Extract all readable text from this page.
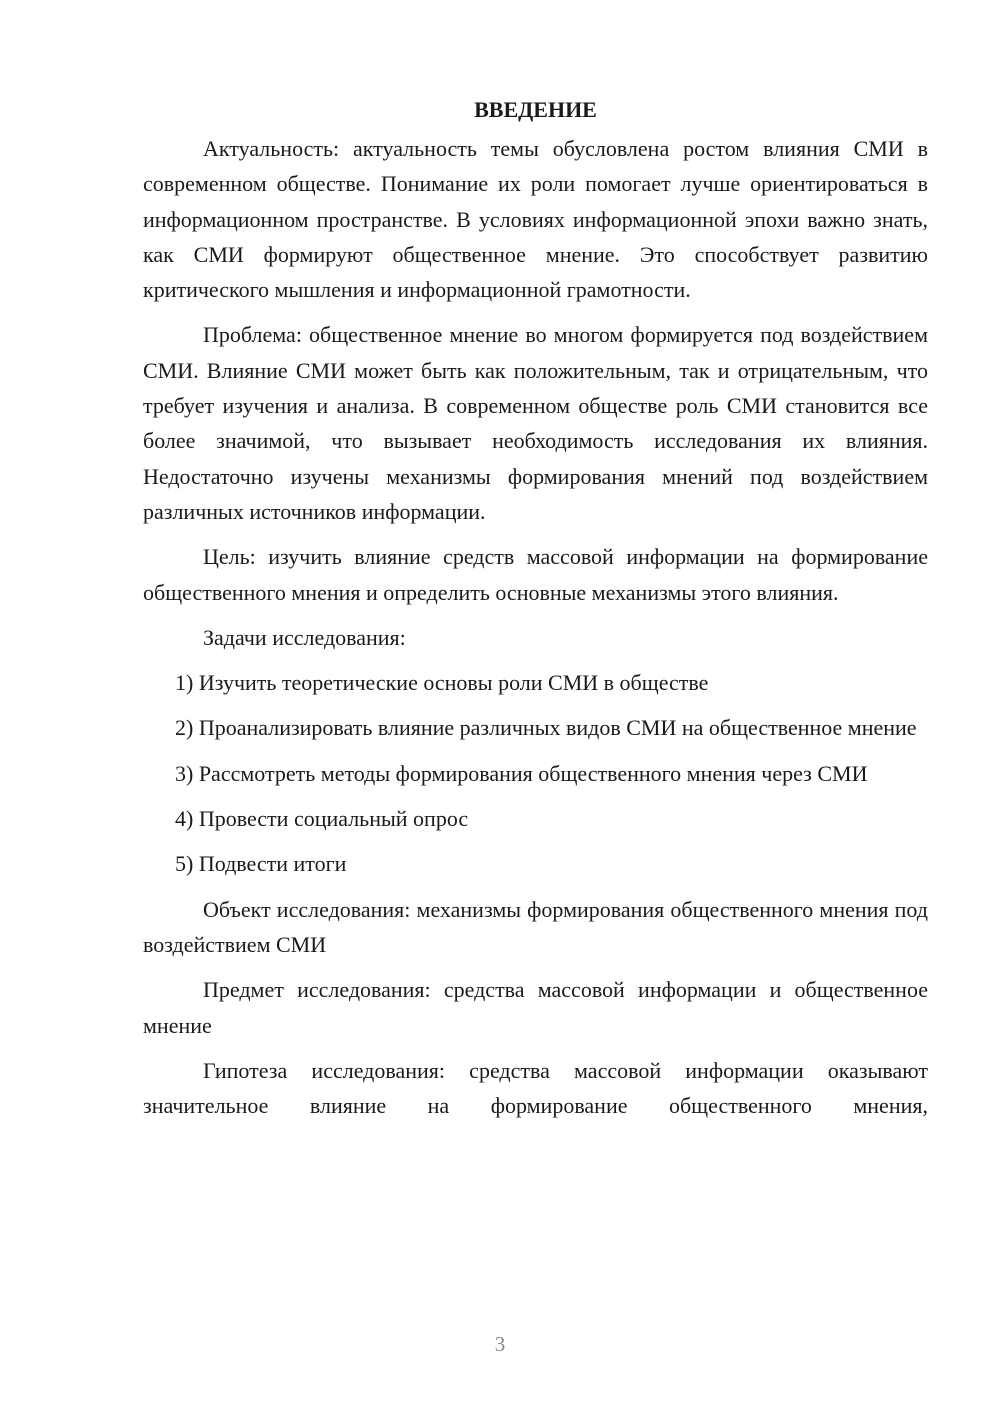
ВВЕДЕНИЕ

Актуальность: актуальность темы обусловлена ростом влияния СМИ в современном обществе. Понимание их роли помогает лучше ориентироваться в информационном пространстве. В условиях информационной эпохи важно знать, как СМИ формируют общественное мнение. Это способствует развитию критического мышления и информационной грамотности.

Проблема: общественное мнение во многом формируется под воздействием СМИ. Влияние СМИ может быть как положительным, так и отрицательным, что требует изучения и анализа. В современном обществе роль СМИ становится все более значимой, что вызывает необходимость исследования их влияния. Недостаточно изучены механизмы формирования мнений под воздействием различных источников информации.

Цель: изучить влияние средств массовой информации на формирование общественного мнения и определить основные механизмы этого влияния.

Задачи исследования:

1) Изучить теоретические основы роли СМИ в обществе

2) Проанализировать влияние различных видов СМИ на общественное мнение

3) Рассмотреть методы формирования общественного мнения через СМИ

4) Провести социальный опрос

5) Подвести итоги

Объект исследования: механизмы формирования общественного мнения под воздействием СМИ

Предмет исследования: средства массовой информации и общественное мнение

Гипотеза исследования: средства массовой информации оказывают значительное влияние на формирование общественного мнения,

3
